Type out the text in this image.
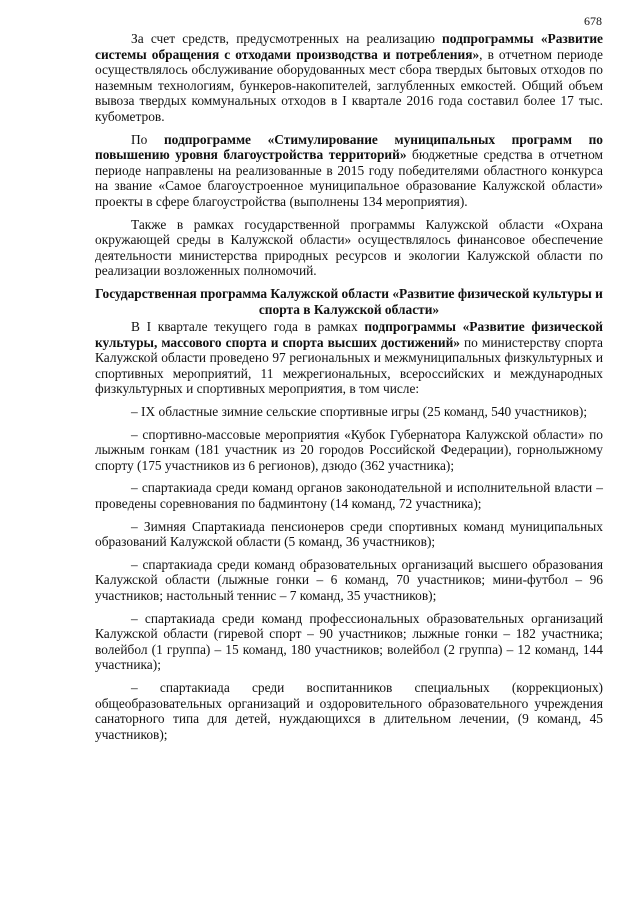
678

За счет средств, предусмотренных на реализацию подпрограммы «Развитие системы обращения с отходами производства и потребления», в отчетном периоде осуществлялось обслуживание оборудованных мест сбора твердых бытовых отходов по наземным технологиям, бункеров-накопителей, заглубленных емкостей. Общий объем вывоза твердых коммунальных отходов в I квартале 2016 года составил более 17 тыс. кубометров.

По подпрограмме «Стимулирование муниципальных программ по повышению уровня благоустройства территорий» бюджетные средства в отчетном периоде направлены на реализованные в 2015 году победителями областного конкурса на звание «Самое благоустроенное муниципальное образование Калужской области» проекты в сфере благоустройства (выполнены 134 мероприятия).

Также в рамках государственной программы Калужской области «Охрана окружающей среды в Калужской области» осуществлялось финансовое обеспечение деятельности министерства природных ресурсов и экологии Калужской области по реализации возложенных полномочий.

Государственная программа Калужской области «Развитие физической культуры и спорта в Калужской области»

В I квартале текущего года в рамках подпрограммы «Развитие физической культуры, массового спорта и спорта высших достижений» по министерству спорта Калужской области проведено 97 региональных и межмуниципальных физкультурных и спортивных мероприятий, 11 межрегиональных, всероссийских и международных физкультурных и спортивных мероприятия, в том числе:

– IX областные зимние сельские спортивные игры (25 команд, 540 участников);

– спортивно-массовые мероприятия «Кубок Губернатора Калужской области» по лыжным гонкам (181 участник из 20 городов Российской Федерации), горнолыжному спорту (175 участников из 6 регионов), дзюдо (362 участника);

– спартакиада среди команд органов законодательной и исполнительной власти – проведены соревнования по бадминтону (14 команд, 72 участника);

– Зимняя Спартакиада пенсионеров среди спортивных команд муниципальных образований Калужской области (5 команд, 36 участников);

– спартакиада среди команд образовательных организаций высшего образования Калужской области (лыжные гонки – 6 команд, 70 участников; мини-футбол – 96 участников; настольный теннис – 7 команд, 35 участников);

– спартакиада среди команд профессиональных образовательных организаций Калужской области (гиревой спорт – 90 участников; лыжные гонки – 182 участника; волейбол (1 группа) – 15 команд, 180 участников; волейбол (2 группа) – 12 команд, 144 участника);

– спартакиада среди воспитанников специальных (коррекционых) общеобразовательных организаций и оздоровительного образовательного учреждения санаторного типа для детей, нуждающихся в длительном лечении, (9 команд, 45 участников);
